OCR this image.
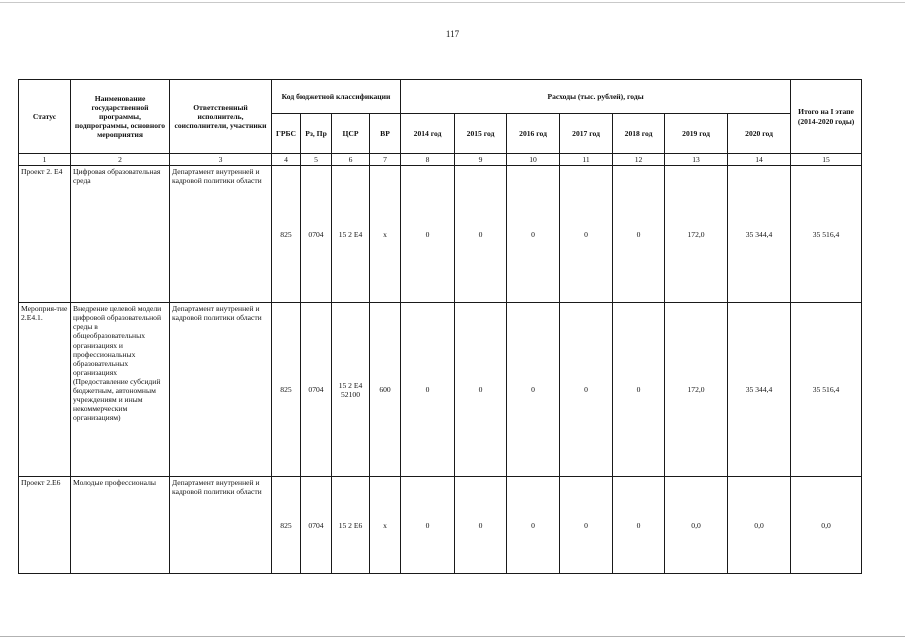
117
Статус	Наименование государственной программы, подпрограммы, основного мероприятия	Ответственный исполнитель, соисполнители, участники	Код бюджетной классификации				Расходы (тыс. рублей), годы							Итого на I этапе (2014-2020 годы)
			ГРБС	Рз, Пр	ЦСР	ВР	2014 год	2015 год	2016 год	2017 год	2018 год	2019 год	2020 год	
1	2	3	4	5	6	7	8	9	10	11	12	13	14	15
Проект 2. Е4	Цифровая образовательная среда	Департамент внутренней и кадровой политики области	825	0704	15 2 Е4	х	0	0	0	0	0	172,0	35 344,4	35 516,4
Мероприя-тие 2.Е4.1.	Внедрение целевой модели цифровой образовательной среды в общеобразовательных организациях и профессиональных образовательных организациях (Предоставление субсидий бюджетным, автономным учреждениям и иным некоммерческим организациям)	Департамент внутренней и кадровой политики области	825	0704	15 2 Е4 52100	600	0	0	0	0	0	172,0	35 344,4	35 516,4
Проект 2.Е6	Молодые профессионалы	Департамент внутренней и кадровой политики области	825	0704	15 2 Е6	х	0	0	0	0	0	0,0	0,0	0,0
